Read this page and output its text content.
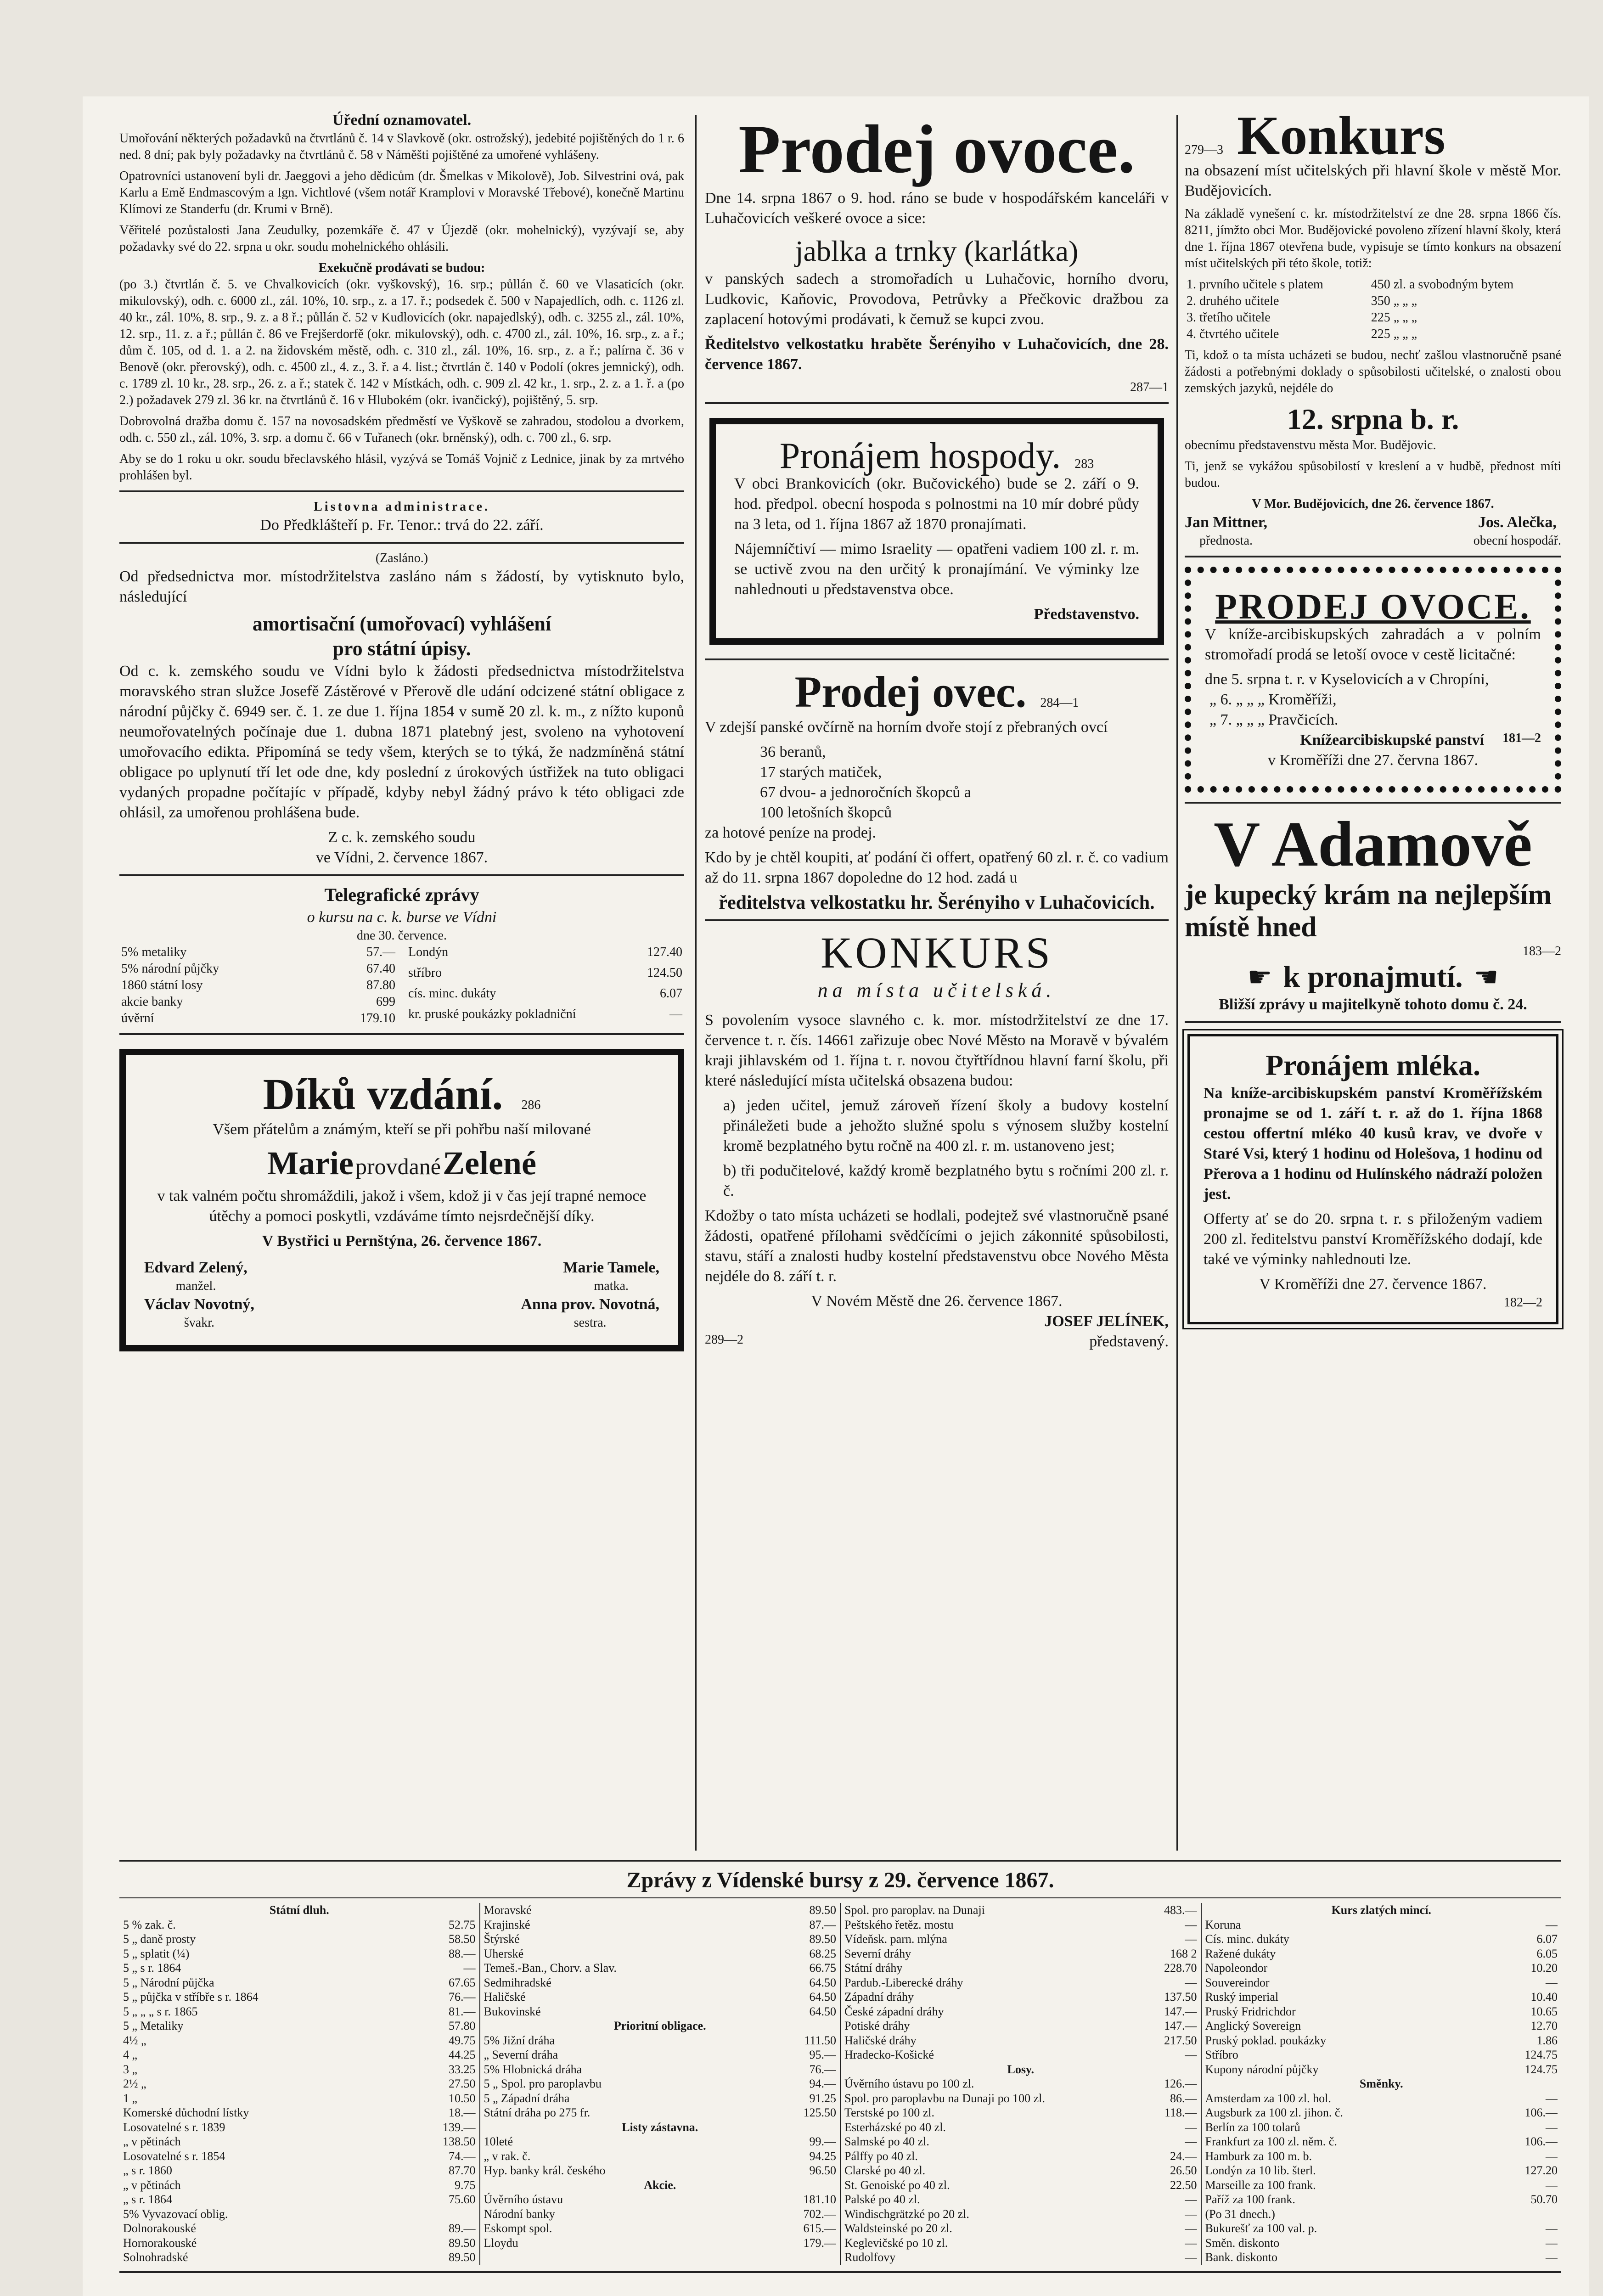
Úřední oznamovatel.

Umořování některých požadavků na čtvrtlánů č. 14 v Slavkově (okr. ostrožský), jedebité pojištěných do 1 r. 6 ned. 8 dní; pak byly požadavky na čtvrtlánů č. 58 v Náměšti pojištěné za umořené vyhlášeny.

Opatrovníci ustanovení byli dr. Jaeggovi a jeho dědicům (dr. Šmelkas v Mikolově), Job. Silvestrini ová, pak Karlu a Emě Endmascovým a Ign. Vichtlové (všem notář Kramplovi v Moravské Třebové), konečně Martinu Klímovi ze Standerfu (dr. Krumi v Brně).

Věřitelé pozůstalosti Jana Zeudulky, pozemkáře č. 47 v Újezdě (okr. mohelnický), vyzývají se, aby požadavky své do 22. srpna u okr. soudu mohelnického ohlásili.

Exekučně prodávati se budou:

(po 3.) čtvrtlán č. 5. ve Chvalkovicích (okr. vyškovský), 16. srp.; půllán č. 60 ve Vlasaticích (okr. mikulovský), odh. c. 6000 zl., zál. 10%, 10. srp., z. a 17. ř.; podsedek č. 500 v Napajedlích, odh. c. 1126 zl. 40 kr., zál. 10%, 8. srp., 9. z. a 8 ř.; půllán č. 52 v Kudlovicích (okr. napajedlský), odh. c. 3255 zl., zál. 10%, 12. srp., 11. z. a ř.; půllán č. 86 ve Frejšerdorfě (okr. mikulovský), odh. c. 4700 zl., zál. 10%, 16. srp., z. a ř.; dům č. 105, od d. 1. a 2. na židovském městě, odh. c. 310 zl., zál. 10%, 16. srp., z. a ř.; palírna č. 36 v Benově (okr. přerovský), odh. c. 4500 zl., 4. z., 3. ř. a 4. list.; čtvrtlán č. 140 v Podolí (okres jemnický), odh. c. 1789 zl. 10 kr., 28. srp., 26. z. a ř.; statek č. 142 v Místkách, odh. c. 909 zl. 42 kr., 1. srp., 2. z. a 1. ř. a (po 2.) požadavek 279 zl. 36 kr. na čtvrtlánů č. 16 v Hlubokém (okr. ivančický), pojištěný, 5. srp.

Dobrovolná dražba domu č. 157 na novosadském předměstí ve Vyškově se zahradou, stodolou a dvorkem, odh. c. 550 zl., zál. 10%, 3. srp. a domu č. 66 v Tuřanech (okr. brněnský), odh. c. 700 zl., 6. srp.

Aby se do 1 roku u okr. soudu břeclavského hlásil, vyzývá se Tomáš Vojnič z Lednice, jinak by za mrtvého prohlášen byl.

Listovna administrace.
Do Předklášteří p. Fr. Tenor.: trvá do 22. září.
(Zasláno.)

Od předsednictva mor. místodržitelstva zasláno nám s žádostí, by vytisknuto bylo, následující

amortisační (umořovací) vyhlášení
pro státní úpisy.

Od c. k. zemského soudu ve Vídni bylo k žádosti předsednictva místodržitelstva moravského stran služce Josefě Zástěrové v Přerově dle udání odcizené státní obligace z národní půjčky č. 6949 ser. č. 1. ze due 1. října 1854 v sumě 20 zl. k. m., z nížto kuponů neumořovatelných počínaje due 1. dubna 1871 platebný jest, svoleno na vyhotovení umořovacího edikta. Připomíná se tedy všem, kterých se to týká, že nadzmíněná státní obligace po uplynutí tří let ode dne, kdy poslední z úrokových ústřižek na tuto obligaci vydaných propadne počítajíc v případě, kdyby nebyl žádný právo k této obligaci zde ohlásil, za umořenou prohlášena bude.

Z c. k. zemského soudu
ve Vídni, 2. července 1867.
Telegrafické zprávy
o kursu na c. k. burse ve Vídni
dne 30. července.
5% metaliky	57.—
5% národní půjčky	67.40
1860 státní losy	87.80
akcie banky	699
úvěrní	179.10
Londýn	127.40
stříbro	124.50
cís. minc. dukáty	6.07
kr. pruské poukázky pokladniční	—
Díků vzdání. 286

Všem přátelům a známým, kteří se při pohřbu naší milované

Marie provdané Zelené

v tak valném počtu shromáždili, jakož i všem, kdož ji v čas její trapné nemoce útěchy a pomoci poskytli, vzdáváme tímto nejsrdečnější díky.

V Bystřici u Pernštýna, 26. července 1867.
Edvard Zelený,
manžel.
Marie Tamele,
matka.
Václav Novotný,
švakr.
Anna prov. Novotná,
sestra.
Prodej ovoce.

Dne 14. srpna 1867 o 9. hod. ráno se bude v hospodářském kanceláři v Luhačovicích veškeré ovoce a sice:

jablka a trnky (karlátka)

v panských sadech a stromořadích u Luhačovic, horního dvoru, Ludkovic, Kaňovic, Provodova, Petrůvky a Přečkovic dražbou za zaplacení hotovými prodávati, k čemuž se kupci zvou.

Ředitelstvo velkostatku hraběte Šerényiho v Luhačovicích, dne 28. července 1867.

287—1
Pronájem hospody. 283

V obci Brankovicích (okr. Bučovického) bude se 2. září o 9. hod. předpol. obecní hospoda s polnostmi na 10 mír dobré půdy na 3 leta, od 1. října 1867 až 1870 pronajímati.

Nájemníčtiví — mimo Israelity — opatřeni vadiem 100 zl. r. m. se uctivě zvou na den určitý k pronajímání. Ve výminky lze nahlednouti u představenstva obce.

Představenstvo.
Prodej ovec. 284—1

V zdejší panské ovčírně na horním dvoře stojí z přebraných ovcí

36 beranů,
17 starých matiček,
67 dvou- a jednoročních škopců a
100 letošních škopců

za hotové peníze na prodej.

Kdo by je chtěl koupiti, ať podání či offert, opatřený 60 zl. r. č. co vadium až do 11. srpna 1867 dopoledne do 12 hod. zadá u

ředitelstva velkostatku hr. Šerényiho v Luhačovicích.
KONKURS
na místa učitelská.

S povolením vysoce slavného c. k. mor. místodržitelství ze dne 17. července t. r. čís. 14661 zařizuje obec Nové Město na Moravě v bývalém kraji jihlavském od 1. října t. r. novou čtyřtřídnou hlavní farní školu, při které následující místa učitelská obsazena budou:

a) jeden učitel, jemuž zároveň řízení školy a budovy kostelní přináležeti bude a jehožto služné spolu s výnosem služby kostelní kromě bezplatného bytu ročně na 400 zl. r. m. ustanoveno jest;

b) tři podučitelové, každý kromě bezplatného bytu s ročními 200 zl. r. č.

Kdožby o tato místa ucházeti se hodlali, podejtež své vlastnoručně psané žádosti, opatřené přílohami svědčícími o jejich zákonnité spůsobilosti, stavu, stáří a znalosti hudby kostelní představenstvu obce Nového Města nejdéle do 8. září t. r.

V Novém Městě dne 26. července 1867.
JOSEF JELÍNEK,
289—2	představený.
279—3 Konkurs

na obsazení míst učitelských při hlavní škole v městě Mor. Budějovicích.

Na základě vynešení c. kr. místodržitelství ze dne 28. srpna 1866 čís. 8211, jímžto obci Mor. Budějovické povoleno zřízení hlavní školy, která dne 1. října 1867 otevřena bude, vypisuje se tímto konkurs na obsazení míst učitelských při této škole, totiž:

1. prvního učitele s platem	450 zl. a svobodným bytem
2. druhého učitele	350 „ „ „
3. třetího učitele	225 „ „ „
4. čtvrtého učitele	225 „ „ „

Ti, kdož o ta místa ucházeti se budou, nechť zašlou vlastnoručně psané žádosti a potřebnými doklady o spůsobilosti učitelské, o znalosti obou zemských jazyků, nejdéle do

12. srpna b. r.

obecnímu představenstvu města Mor. Budějovic.

Ti, jenž se vykážou spůsobilostí v kreslení a v hudbě, přednost míti budou.

V Mor. Budějovicích, dne 26. července 1867.
Jan Mittner,
přednosta.
Jos. Alečka,
obecní hospodář.
PRODEJ OVOCE.

V kníže-arcibiskupských zahradách a v polním stromořadí prodá se letoší ovoce v cestě licitačné:

dne 5. srpna t. r. v Kyselovicích a v Chropíni,
„ 6. „ „ „ Kroměříži,
„ 7. „ „ „ Pravčicích.
Knížearcibiskupské panství 181—2
v Kroměříži dne 27. června 1867.
V Adamově
je kupecký krám na nejlepším místě hned
183—2
☛ k pronajmutí. ☚
Bližší zprávy u majitelkyně tohoto domu č. 24.
Pronájem mléka.

Na kníže-arcibiskupském panství Kroměřížském pronajme se od 1. září t. r. až do 1. října 1868 cestou offertní mléko 40 kusů krav, ve dvoře v Staré Vsi, který 1 hodinu od Holešova, 1 hodinu od Přerova a 1 hodinu od Hulínského nádraží položen jest.

Offerty ať se do 20. srpna t. r. s přiloženým vadiem 200 zl. ředitelstvu panství Kroměřížského dodají, kde také ve výminky nahlednouti lze.

V Kroměříži dne 27. července 1867.
182—2
Zprávy z Vídenské bursy z 29. července 1867.
Státní dluh.
5 % zak. č.	52.75
5 „ daně prosty	58.50
5 „ splatit (¼)	88.—
5 „ s r. 1864	—
5 „ Národní půjčka	67.65
5 „ půjčka v stříbře s r. 1864	76.—
5 „ „ „ s r. 1865	81.—
5 „ Metaliky	57.80
4½ „	49.75
4 „	44.25
3 „	33.25
2½ „	27.50
1 „	10.50
Komerské důchodní lístky	18.—
Losovatelné s r. 1839	139.—
„ v pětinách	138.50
Losovatelné s r. 1854	74.—
„ s r. 1860	87.70
„ v pětinách	9.75
„ s r. 1864	75.60
5% Vyvazovací oblig.
Dolnorakouské	89.—
Hornorakouské	89.50
Solnohradské	89.50
Moravské	89.50
Krajinské	87.—
Štýrské	89.50
Uherské	68.25
Temeš.-Ban., Chorv. a Slav.	66.75
Sedmihradské	64.50
Haličské	64.50
Bukovinské	64.50
Prioritní obligace.
5% Jižní dráha	111.50
„ Severní dráha	95.—
5% Hlobnická dráha	76.—
5 „ Spol. pro paroplavbu	94.—
5 „ Západní dráha	91.25
Státní dráha po 275 fr.	125.50
Listy zástavna.
10leté	99.—
„ v rak. č.	94.25
Hyp. banky král. českého	96.50
Akcie.
Úvěrního ústavu	181.10
Národní banky	702.—
Eskompt spol.	615.—
Lloydu	179.—
Spol. pro paroplav. na Dunaji	483.—
Peštského řetěz. mostu	—
Vídeňsk. parn. mlýna	—
Severní dráhy	168 2
Státní dráhy	228.70
Pardub.-Liberecké dráhy	—
Západní dráhy	137.50
České západní dráhy	147.—
Potiské dráhy	147.—
Haličské dráhy	217.50
Hradecko-Košické	—
Losy.
Úvěrního ústavu po 100 zl.	126.—
Spol. pro paroplavbu na Dunaji po 100 zl.	86.—
Terstské po 100 zl.	118.—
Esterházské po 40 zl.	—
Salmské po 40 zl.	—
Pálffy po 40 zl.	24.—
Clarské po 40 zl.	26.50
St. Genoiské po 40 zl.	22.50
Palské po 40 zl.	—
Windischgrätzké po 20 zl.	—
Waldsteinské po 20 zl.	—
Keglevičské po 10 zl.	—
Rudolfovy	—
Kurs zlatých mincí.
Koruna	—
Cís. minc. dukáty	6.07
Ražené dukáty	6.05
Napoleondor	10.20
Souvereindor	—
Ruský imperial	10.40
Pruský Fridrichdor	10.65
Anglický Sovereign	12.70
Pruský poklad. poukázky	1.86
Stříbro	124.75
Kupony národní půjčky	124.75
Směnky.
Amsterdam za 100 zl. hol.	—
Augsburk za 100 zl. jihon. č.	106.—
Berlín za 100 tolarů	—
Frankfurt za 100 zl. něm. č.	106.—
Hamburk za 100 m. b.	—
Londýn za 10 lib. šterl.	127.20
Marseille za 100 frank.	—
Paříž za 100 frank.	50.70
(Po 31 dnech.)
Bukurešť za 100 val. p.	—
Směn. diskonto	—
Bank. diskonto	—
